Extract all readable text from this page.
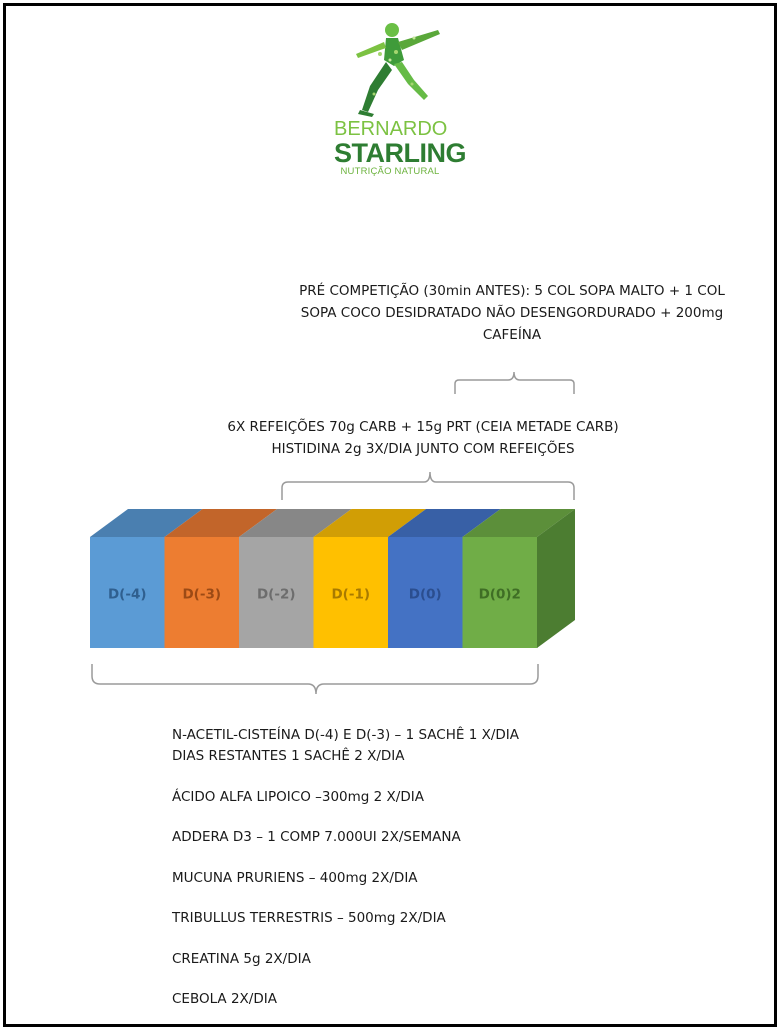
BERNARDO
STARLING
NUTRIÇÃO NATURAL
PRÉ COMPETIÇÃO (30min ANTES): 5 COL SOPA MALTO + 1 COL
SOPA COCO DESIDRATADO NÃO DESENGORDURADO + 200mg
CAFEÍNA
6X REFEIÇÕES 70g CARB + 15g PRT (CEIA METADE CARB)
HISTIDINA 2g 3X/DIA JUNTO COM REFEIÇÕES
D(-4)	D(-3)	D(-2)	D(-1)	D(0)	D(0)2
N-ACETIL-CISTEÍNA D(-4) E D(-3) – 1 SACHÊ 1 X/DIA
DIAS RESTANTES 1 SACHÊ 2 X/DIA
ÁCIDO ALFA LIPOICO –300mg 2 X/DIA
ADDERA D3 – 1 COMP 7.000UI 2X/SEMANA
MUCUNA PRURIENS – 400mg 2X/DIA
TRIBULLUS TERRESTRIS – 500mg 2X/DIA
CREATINA 5g 2X/DIA
CEBOLA 2X/DIA
